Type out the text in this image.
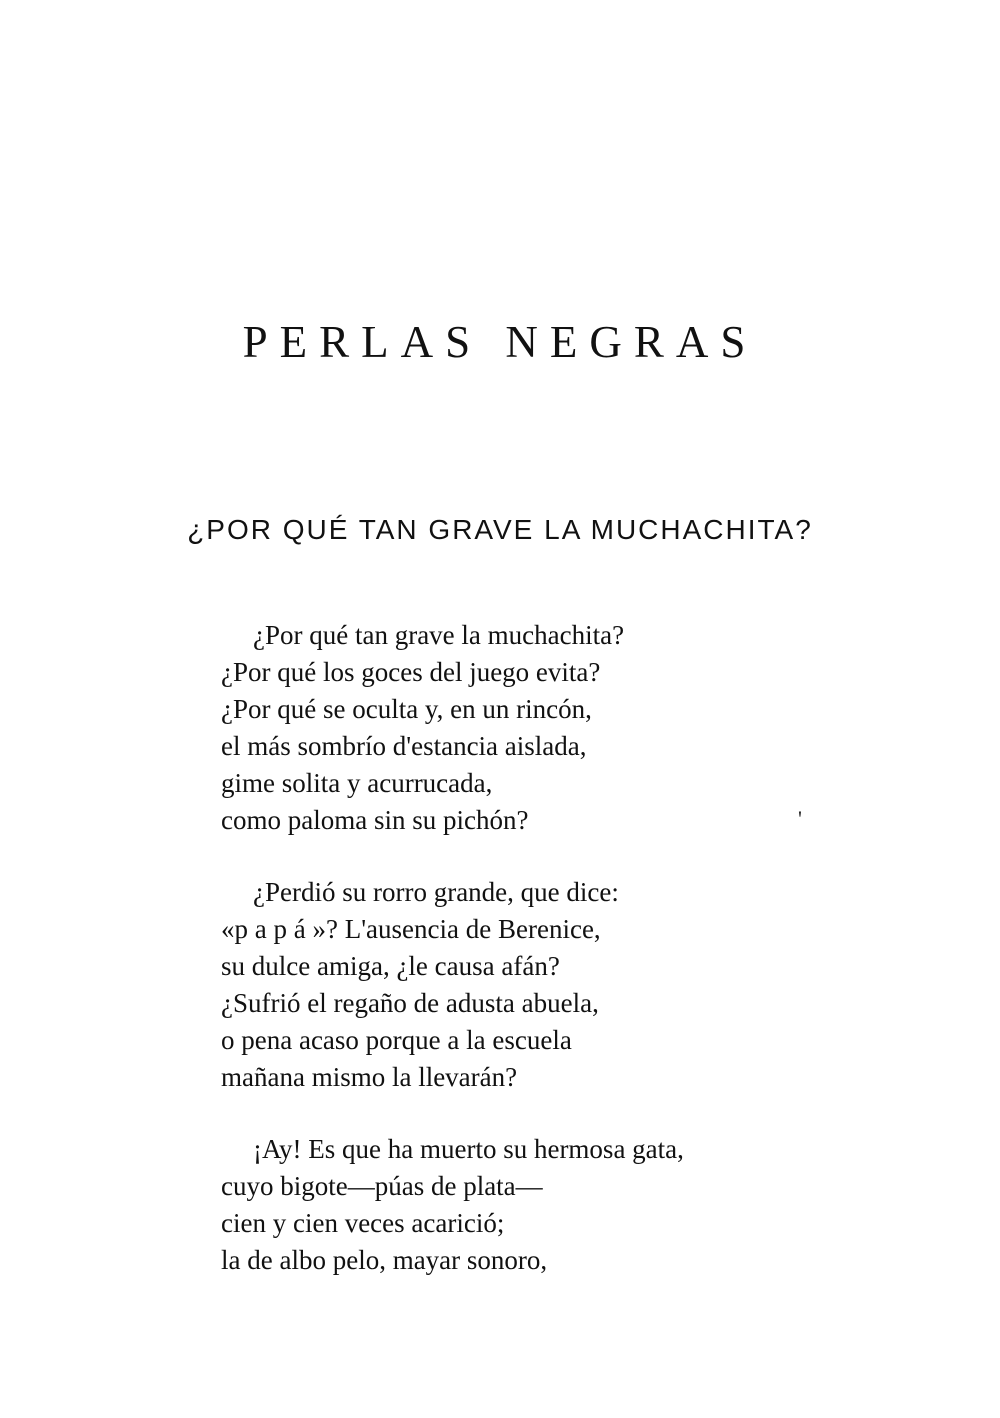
PERLAS NEGRAS
¿POR QUÉ TAN GRAVE LA MUCHACHITA?
¿Por qué tan grave la muchachita?
¿Por qué los goces del juego evita?
¿Por qué se oculta y, en un rincón,
el más sombrío d'estancia aislada,
gime solita y acurrucada,
como paloma sin su pichón?
¿Perdió su rorro grande, que dice:
«p a p á »? L'ausencia de Berenice,
su dulce amiga, ¿le causa afán?
¿Sufrió el regaño de adusta abuela,
o pena acaso porque a la escuela
mañana mismo la llevarán?
¡Ay! Es que ha muerto su hermosa gata,
cuyo bigote—púas de plata—
cien y cien veces acarició;
la de albo pelo, mayar sonoro,
'
